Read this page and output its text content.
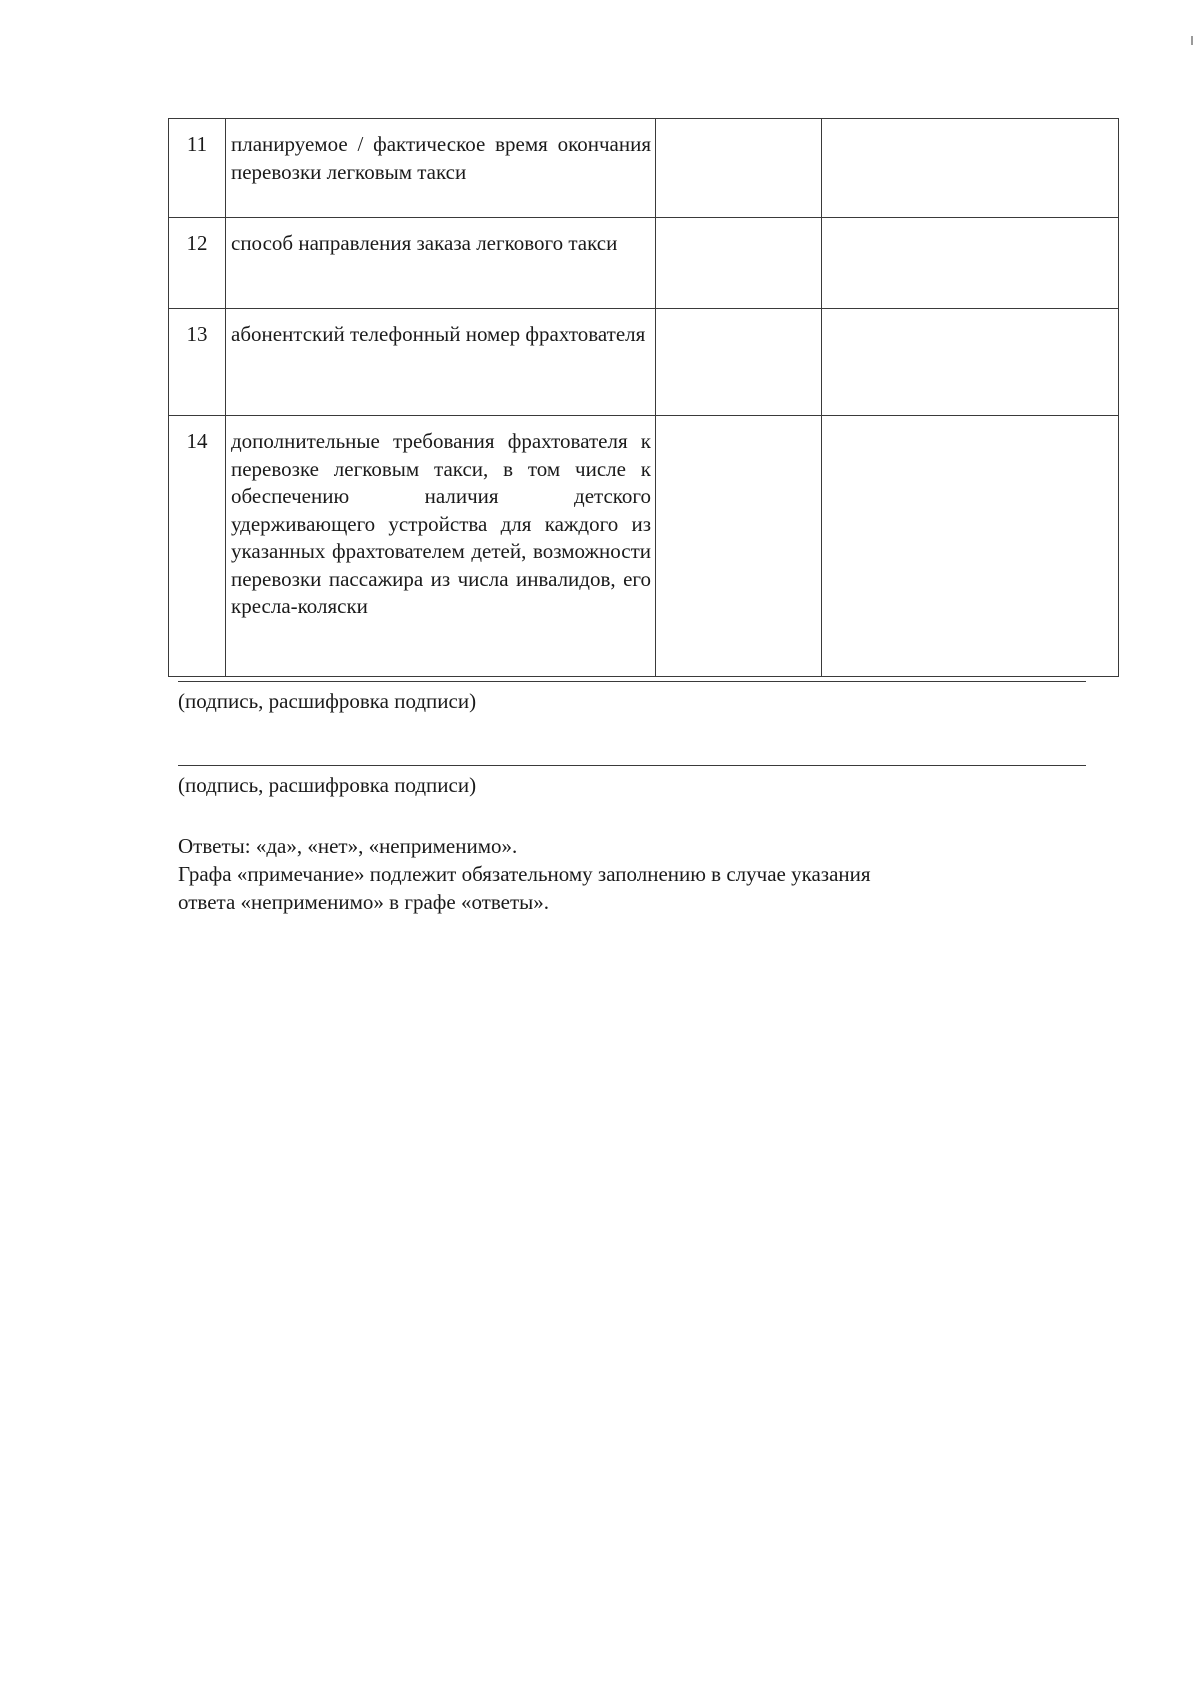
11	планируемое / фактическое время окончания перевозки легковым такси		

12	способ направления заказа легкового такси		

13	абонентский телефонный номер фрахтователя		

14	дополнительные требования фрахтователя к перевозке легковым такси, в том числе к обеспечению наличия детского удерживающего устройства для каждого из указанных фрахтователем детей, возможности перевозки пассажира из числа инвалидов, его кресла-коляски		

(подпись, расшифровка подписи)
(подпись, расшифровка подписи)

Ответы: «да», «нет», «неприменимо».

Графа «примечание» подлежит обязательному заполнению в случае указания

ответа «неприменимо» в графе «ответы».
